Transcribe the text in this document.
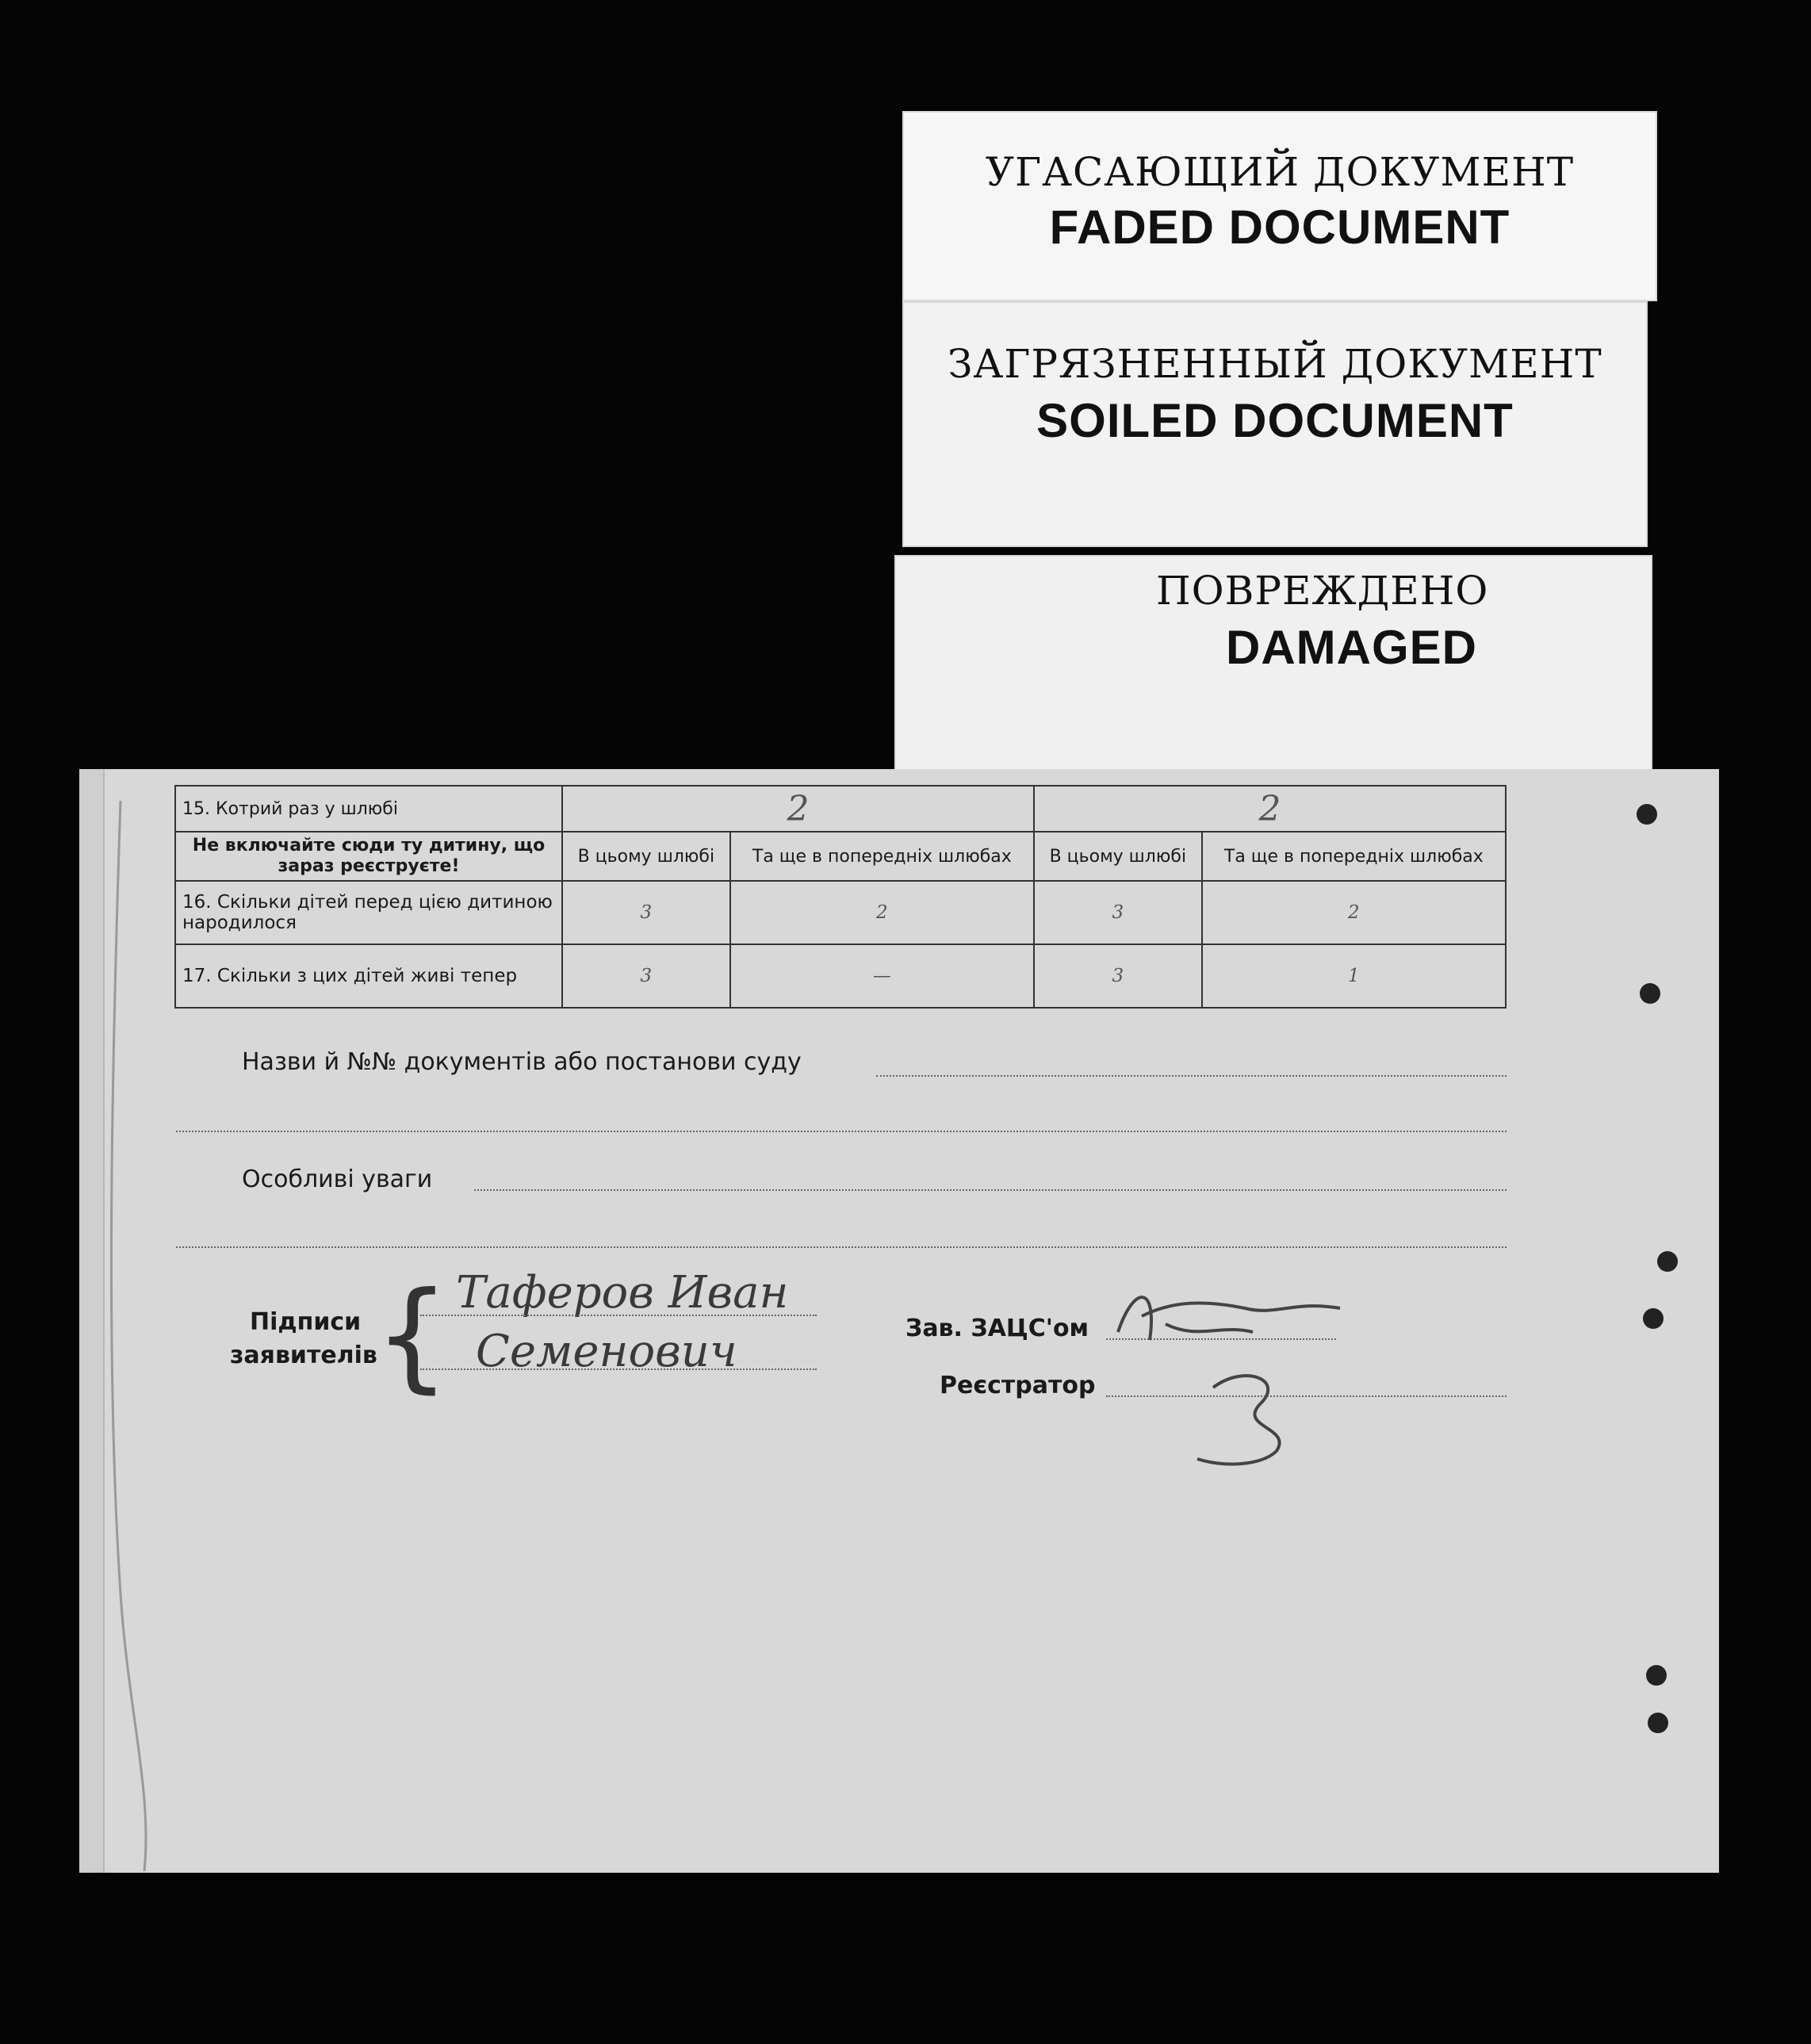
УГАСАЮЩИЙ ДОКУМЕНТ
FADED DOCUMENT
ЗАГРЯЗНЕННЫЙ ДОКУМЕНТ
SOILED DOCUMENT
ПОВРЕЖДЕНО
DAMAGED
15. Котрий раз у шлюбі	2		2	
Не включайте сюди ту дитину, що зараз реєструєте!	В цьому шлюбі	Та ще в попередніх шлюбах	В цьому шлюбі	Та ще в попередніх шлюбах
16. Скільки дітей перед цією дитиною народилося	3	2	3	2
17. Скільки з цих дітей живі тепер	3	—	3	1
Назви й №№ документів або постанови суду
Особливі уваги
Підписи
заявителів
{ Таферов Иван
Семенович	Зав. ЗАЦС'ом
Реєстратор
